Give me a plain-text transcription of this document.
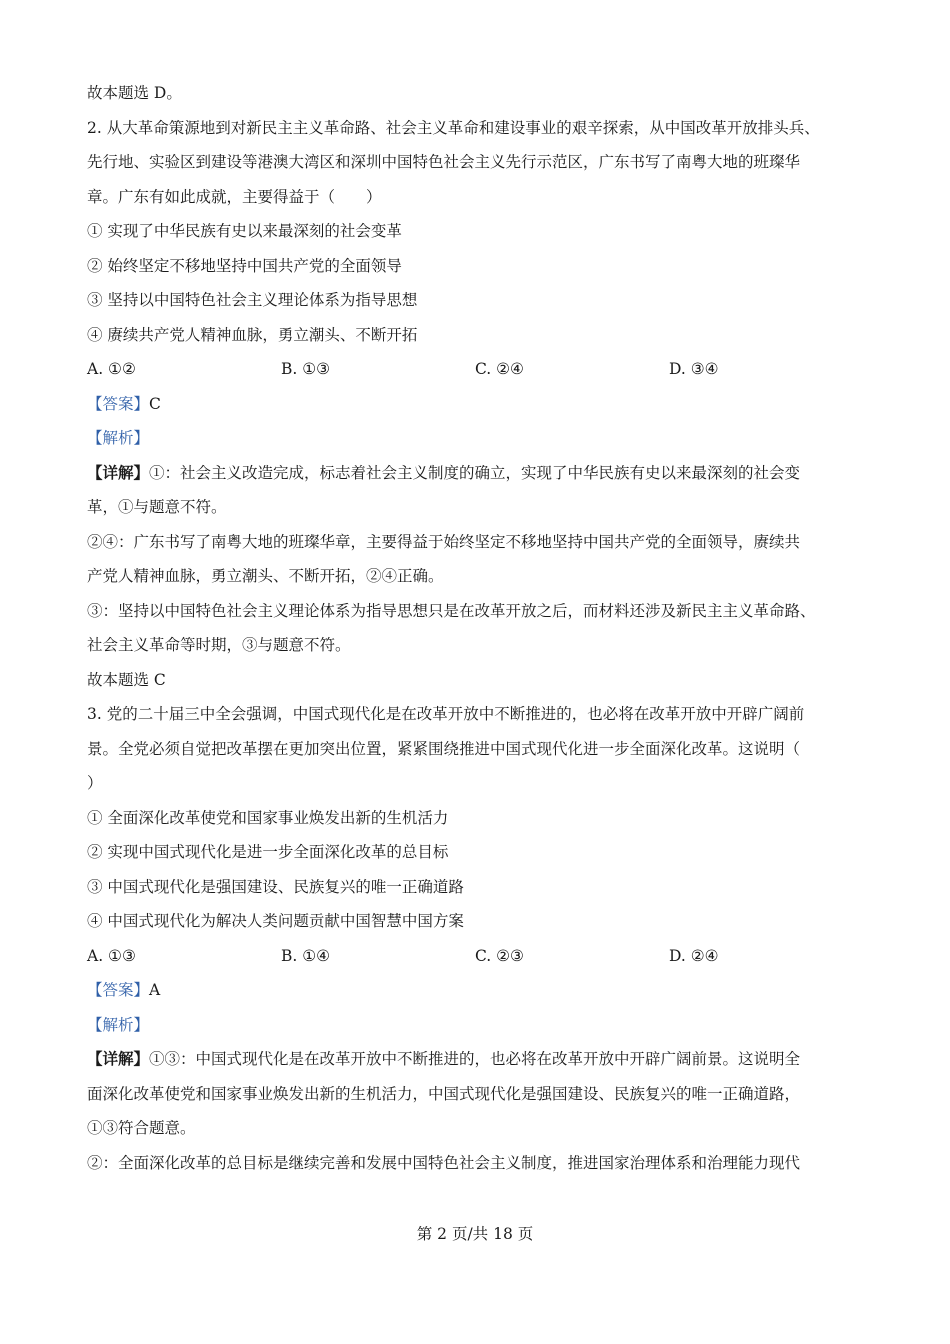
故本题选 D。
2. 从大革命策源地到对新民主主义革命路、社会主义革命和建设事业的艰辛探索，从中国改革开放排头兵、
先行地、实验区到建设等港澳大湾区和深圳中国特色社会主义先行示范区，广东书写了南粤大地的班璨华
章。广东有如此成就，主要得益于（　　）
① 实现了中华民族有史以来最深刻的社会变革
② 始终坚定不移地坚持中国共产党的全面领导
③ 坚持以中国特色社会主义理论体系为指导思想
④ 赓续共产党人精神血脉，勇立潮头、不断开拓
A. ①②	B. ①③	C. ②④	D. ③④
【答案】C
【解析】
【详解】①：社会主义改造完成，标志着社会主义制度的确立，实现了中华民族有史以来最深刻的社会变
革，①与题意不符。
②④：广东书写了南粤大地的班璨华章，主要得益于始终坚定不移地坚持中国共产党的全面领导，赓续共
产党人精神血脉，勇立潮头、不断开拓，②④正确。
③：坚持以中国特色社会主义理论体系为指导思想只是在改革开放之后，而材料还涉及新民主主义革命路、
社会主义革命等时期，③与题意不符。
故本题选 C
3. 党的二十届三中全会强调，中国式现代化是在改革开放中不断推进的，也必将在改革开放中开辟广阔前
景。全党必须自觉把改革摆在更加突出位置，紧紧围绕推进中国式现代化进一步全面深化改革。这说明（
）
① 全面深化改革使党和国家事业焕发出新的生机活力
② 实现中国式现代化是进一步全面深化改革的总目标
③ 中国式现代化是强国建设、民族复兴的唯一正确道路
④ 中国式现代化为解决人类问题贡献中国智慧中国方案
A. ①③	B. ①④	C. ②③	D. ②④
【答案】A
【解析】
【详解】①③：中国式现代化是在改革开放中不断推进的，也必将在改革开放中开辟广阔前景。这说明全
面深化改革使党和国家事业焕发出新的生机活力，中国式现代化是强国建设、民族复兴的唯一正确道路，
①③符合题意。
②：全面深化改革的总目标是继续完善和发展中国特色社会主义制度，推进国家治理体系和治理能力现代
第 2 页/共 18 页
